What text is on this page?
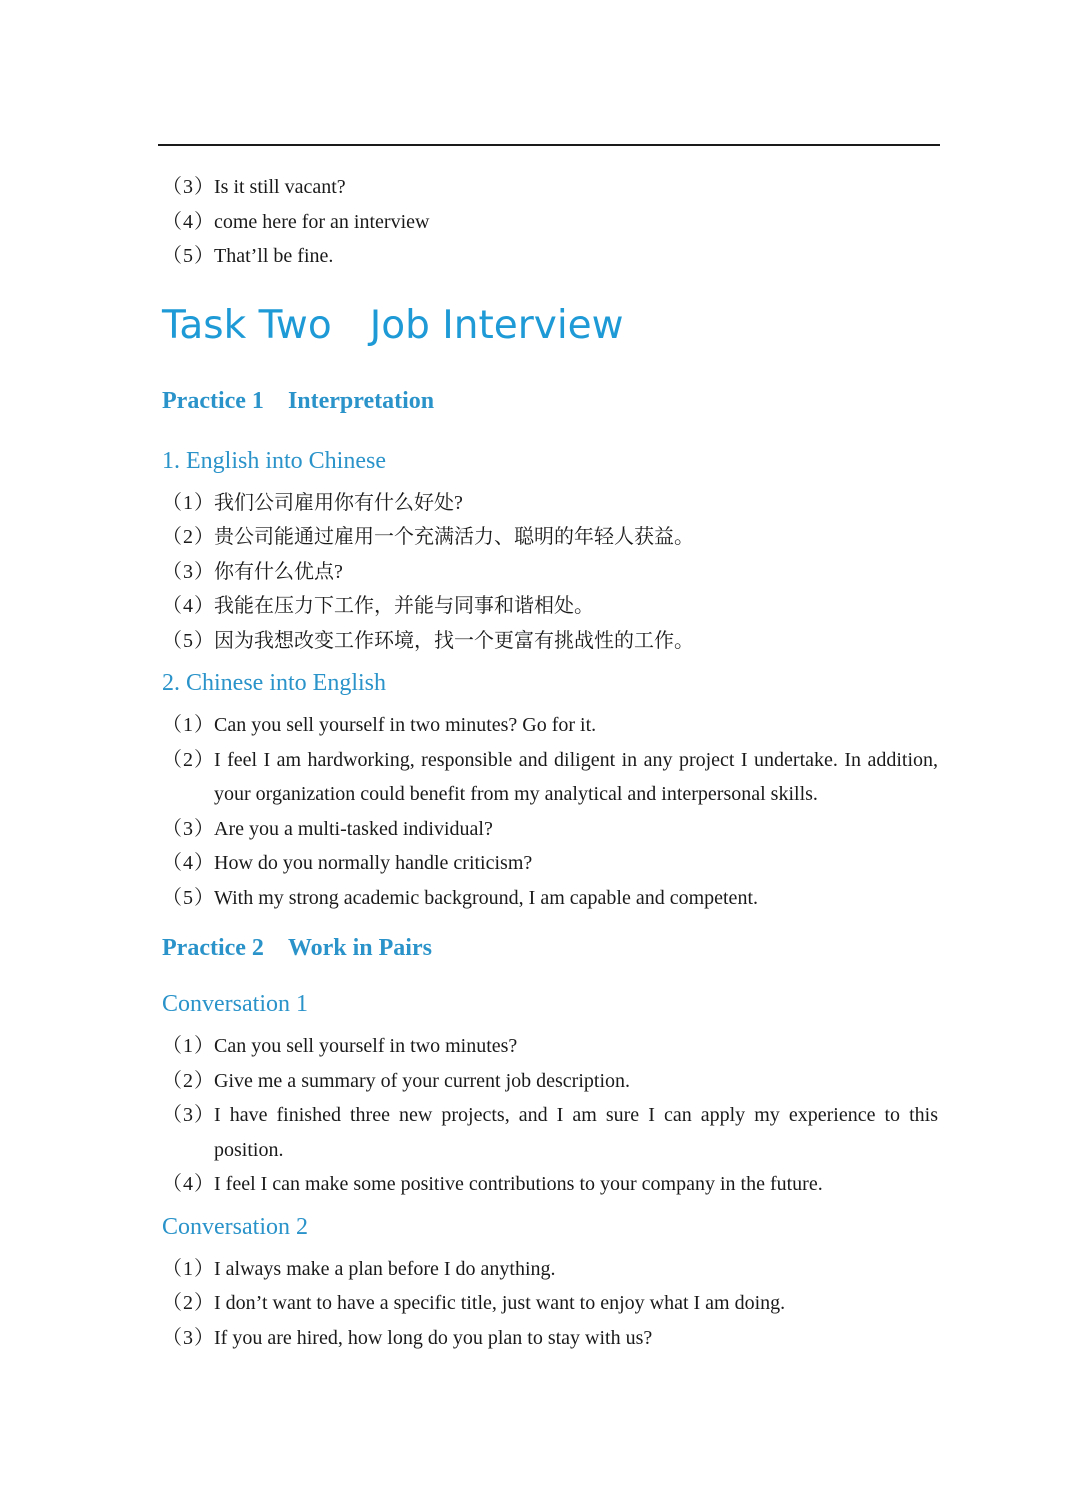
（3） Is it still vacant?
（4） come here for an interview
（5） That’ll be fine.
Task Two Job Interview
Practice 1 Interpretation
1. English into Chinese
（1） 我们公司雇用你有什么好处?
（2） 贵公司能通过雇用一个充满活力、聪明的年轻人获益。
（3） 你有什么优点?
（4） 我能在压力下工作，并能与同事和谐相处。
（5） 因为我想改变工作环境，找一个更富有挑战性的工作。
2. Chinese into English
（1） Can you sell yourself in two minutes? Go for it.
（2） I feel I am hardworking, responsible and diligent in any project I undertake. In addition, your organization could benefit from my analytical and interpersonal skills.
（3） Are you a multi-tasked individual?
（4） How do you normally handle criticism?
（5） With my strong academic background, I am capable and competent.
Practice 2 Work in Pairs
Conversation 1
（1） Can you sell yourself in two minutes?
（2） Give me a summary of your current job description.
（3） I have finished three new projects, and I am sure I can apply my experience to this position.
（4） I feel I can make some positive contributions to your company in the future.
Conversation 2
（1） I always make a plan before I do anything.
（2） I don’t want to have a specific title, just want to enjoy what I am doing.
（3） If you are hired, how long do you plan to stay with us?
